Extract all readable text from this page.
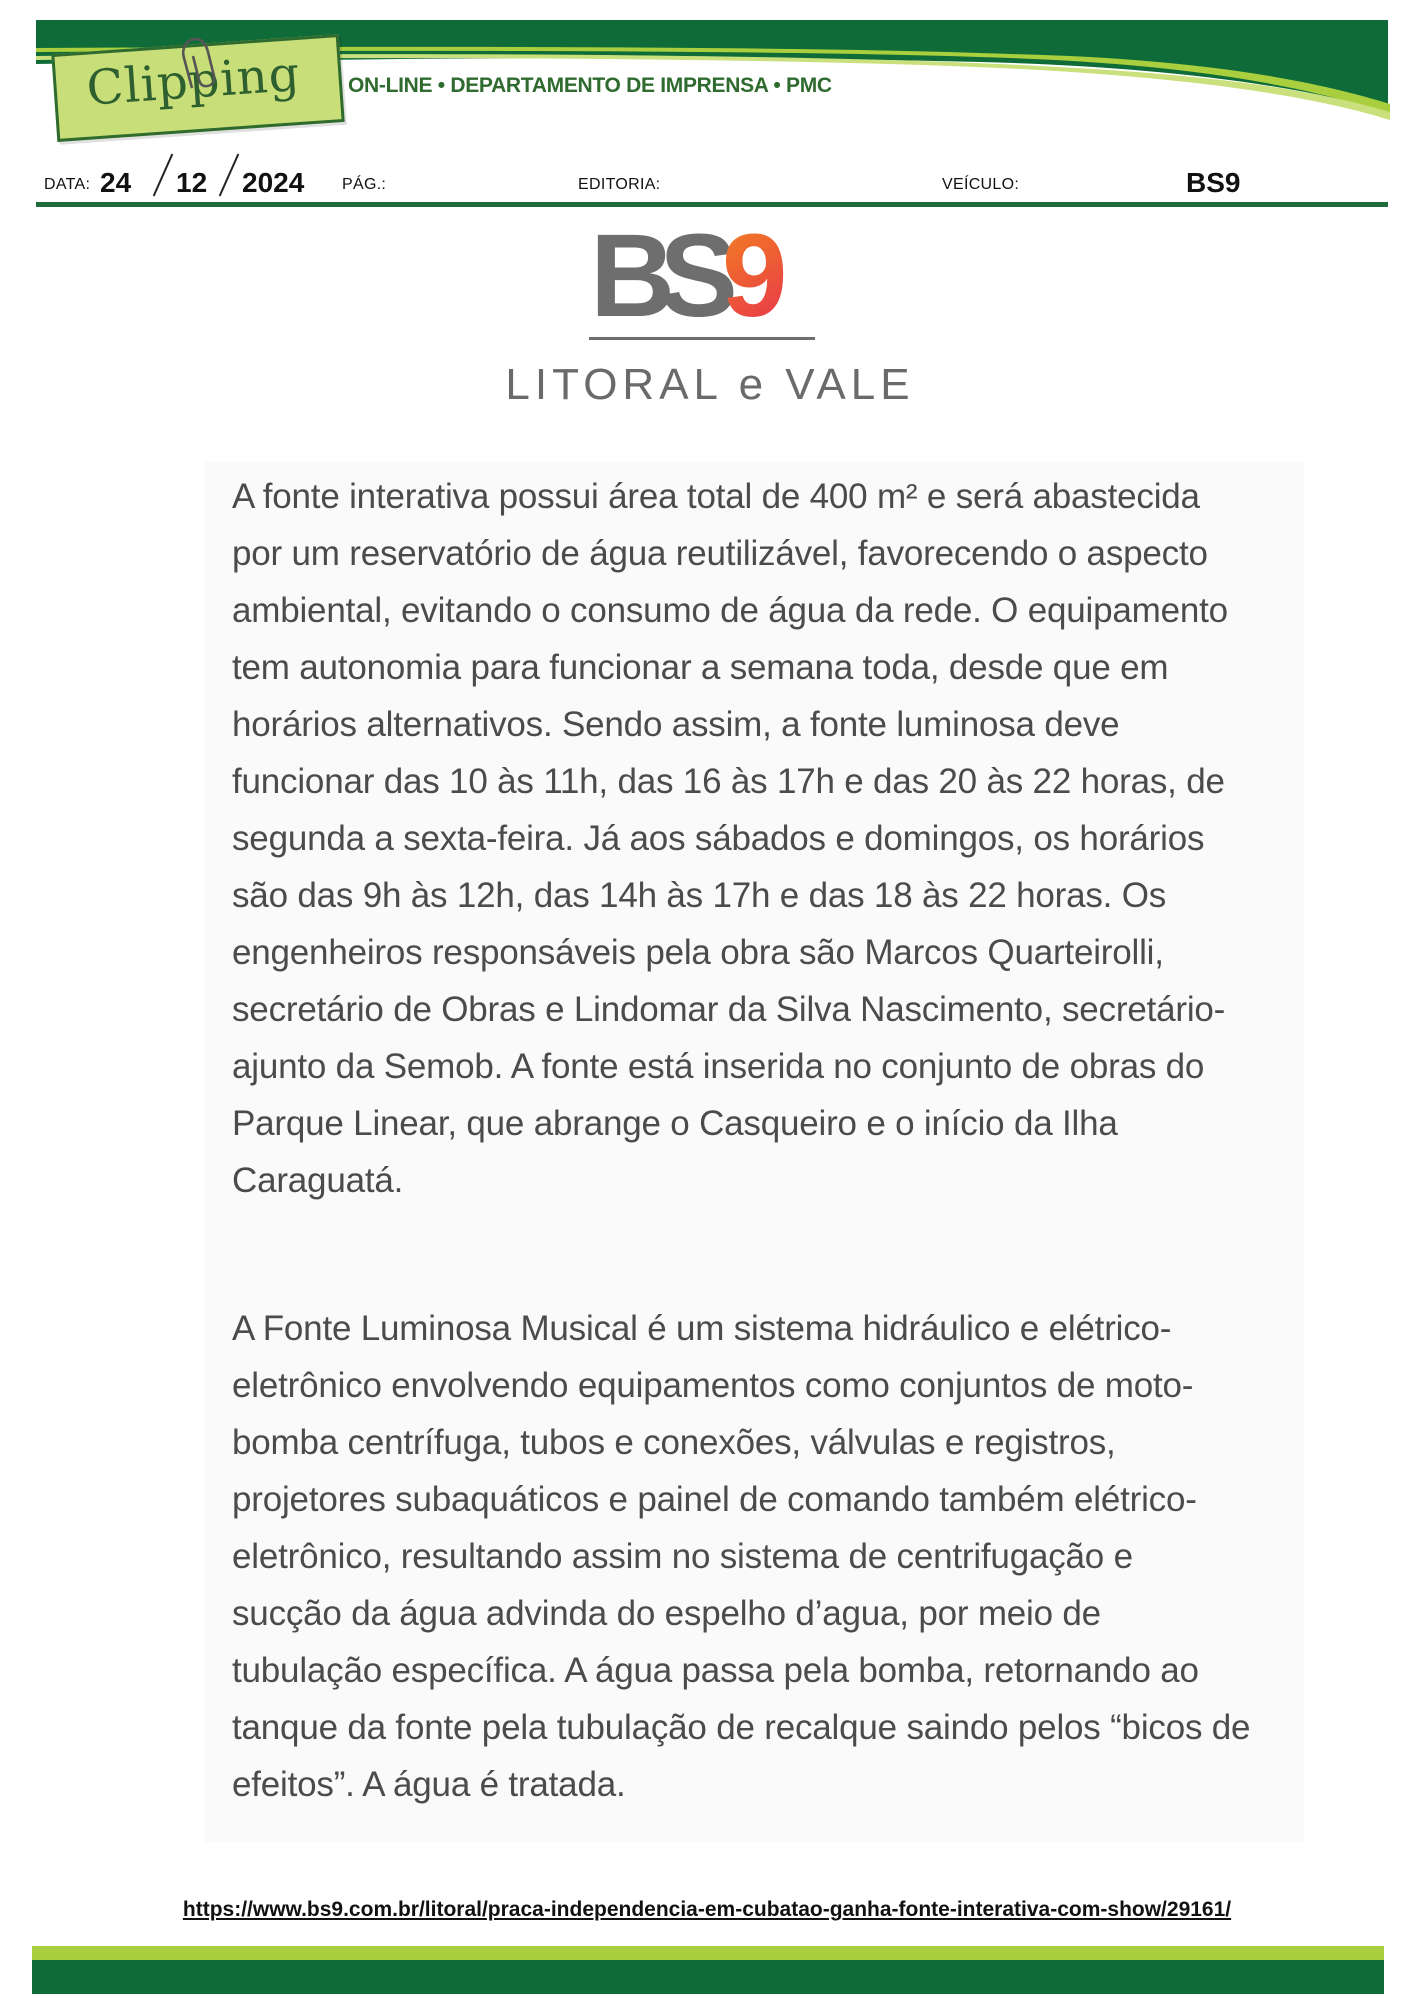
Clipping ON-LINE • DEPARTAMENTO DE IMPRENSA • PMC
DATA: 24 12 2024 PÁG.:	EDITORIA:	VEÍCULO:	BS9
BS9
LITORAL e VALE

A fonte interativa possui área total de 400 m² e será abastecida por um reservatório de água reutilizável, favorecendo o aspecto ambiental, evitando o consumo de água da rede. O equipamento tem autonomia para funcionar a semana toda, desde que em horários alternativos. Sendo assim, a fonte luminosa deve funcionar das 10 às 11h, das 16 às 17h e das 20 às 22 horas, de segunda a sexta-feira. Já aos sábados e domingos, os horários são das 9h às 12h, das 14h às 17h e das 18 às 22 horas. Os engenheiros responsáveis pela obra são Marcos Quarteirolli, secretário de Obras e Lindomar da Silva Nascimento, secretário-ajunto da Semob. A fonte está inserida no conjunto de obras do Parque Linear, que abrange o Casqueiro e o início da Ilha Caraguatá.

A Fonte Luminosa Musical é um sistema hidráulico e elétrico-eletrônico envolvendo equipamentos como conjuntos de moto-bomba centrífuga, tubos e conexões, válvulas e registros, projetores subaquáticos e painel de comando também elétrico-eletrônico, resultando assim no sistema de centrifugação e sucção da água advinda do espelho d’agua, por meio de tubulação específica. A água passa pela bomba, retornando ao tanque da fonte pela tubulação de recalque saindo pelos “bicos de efeitos”. A água é tratada.

https://www.bs9.com.br/litoral/praca-independencia-em-cubatao-ganha-fonte-interativa-com-show/29161/
